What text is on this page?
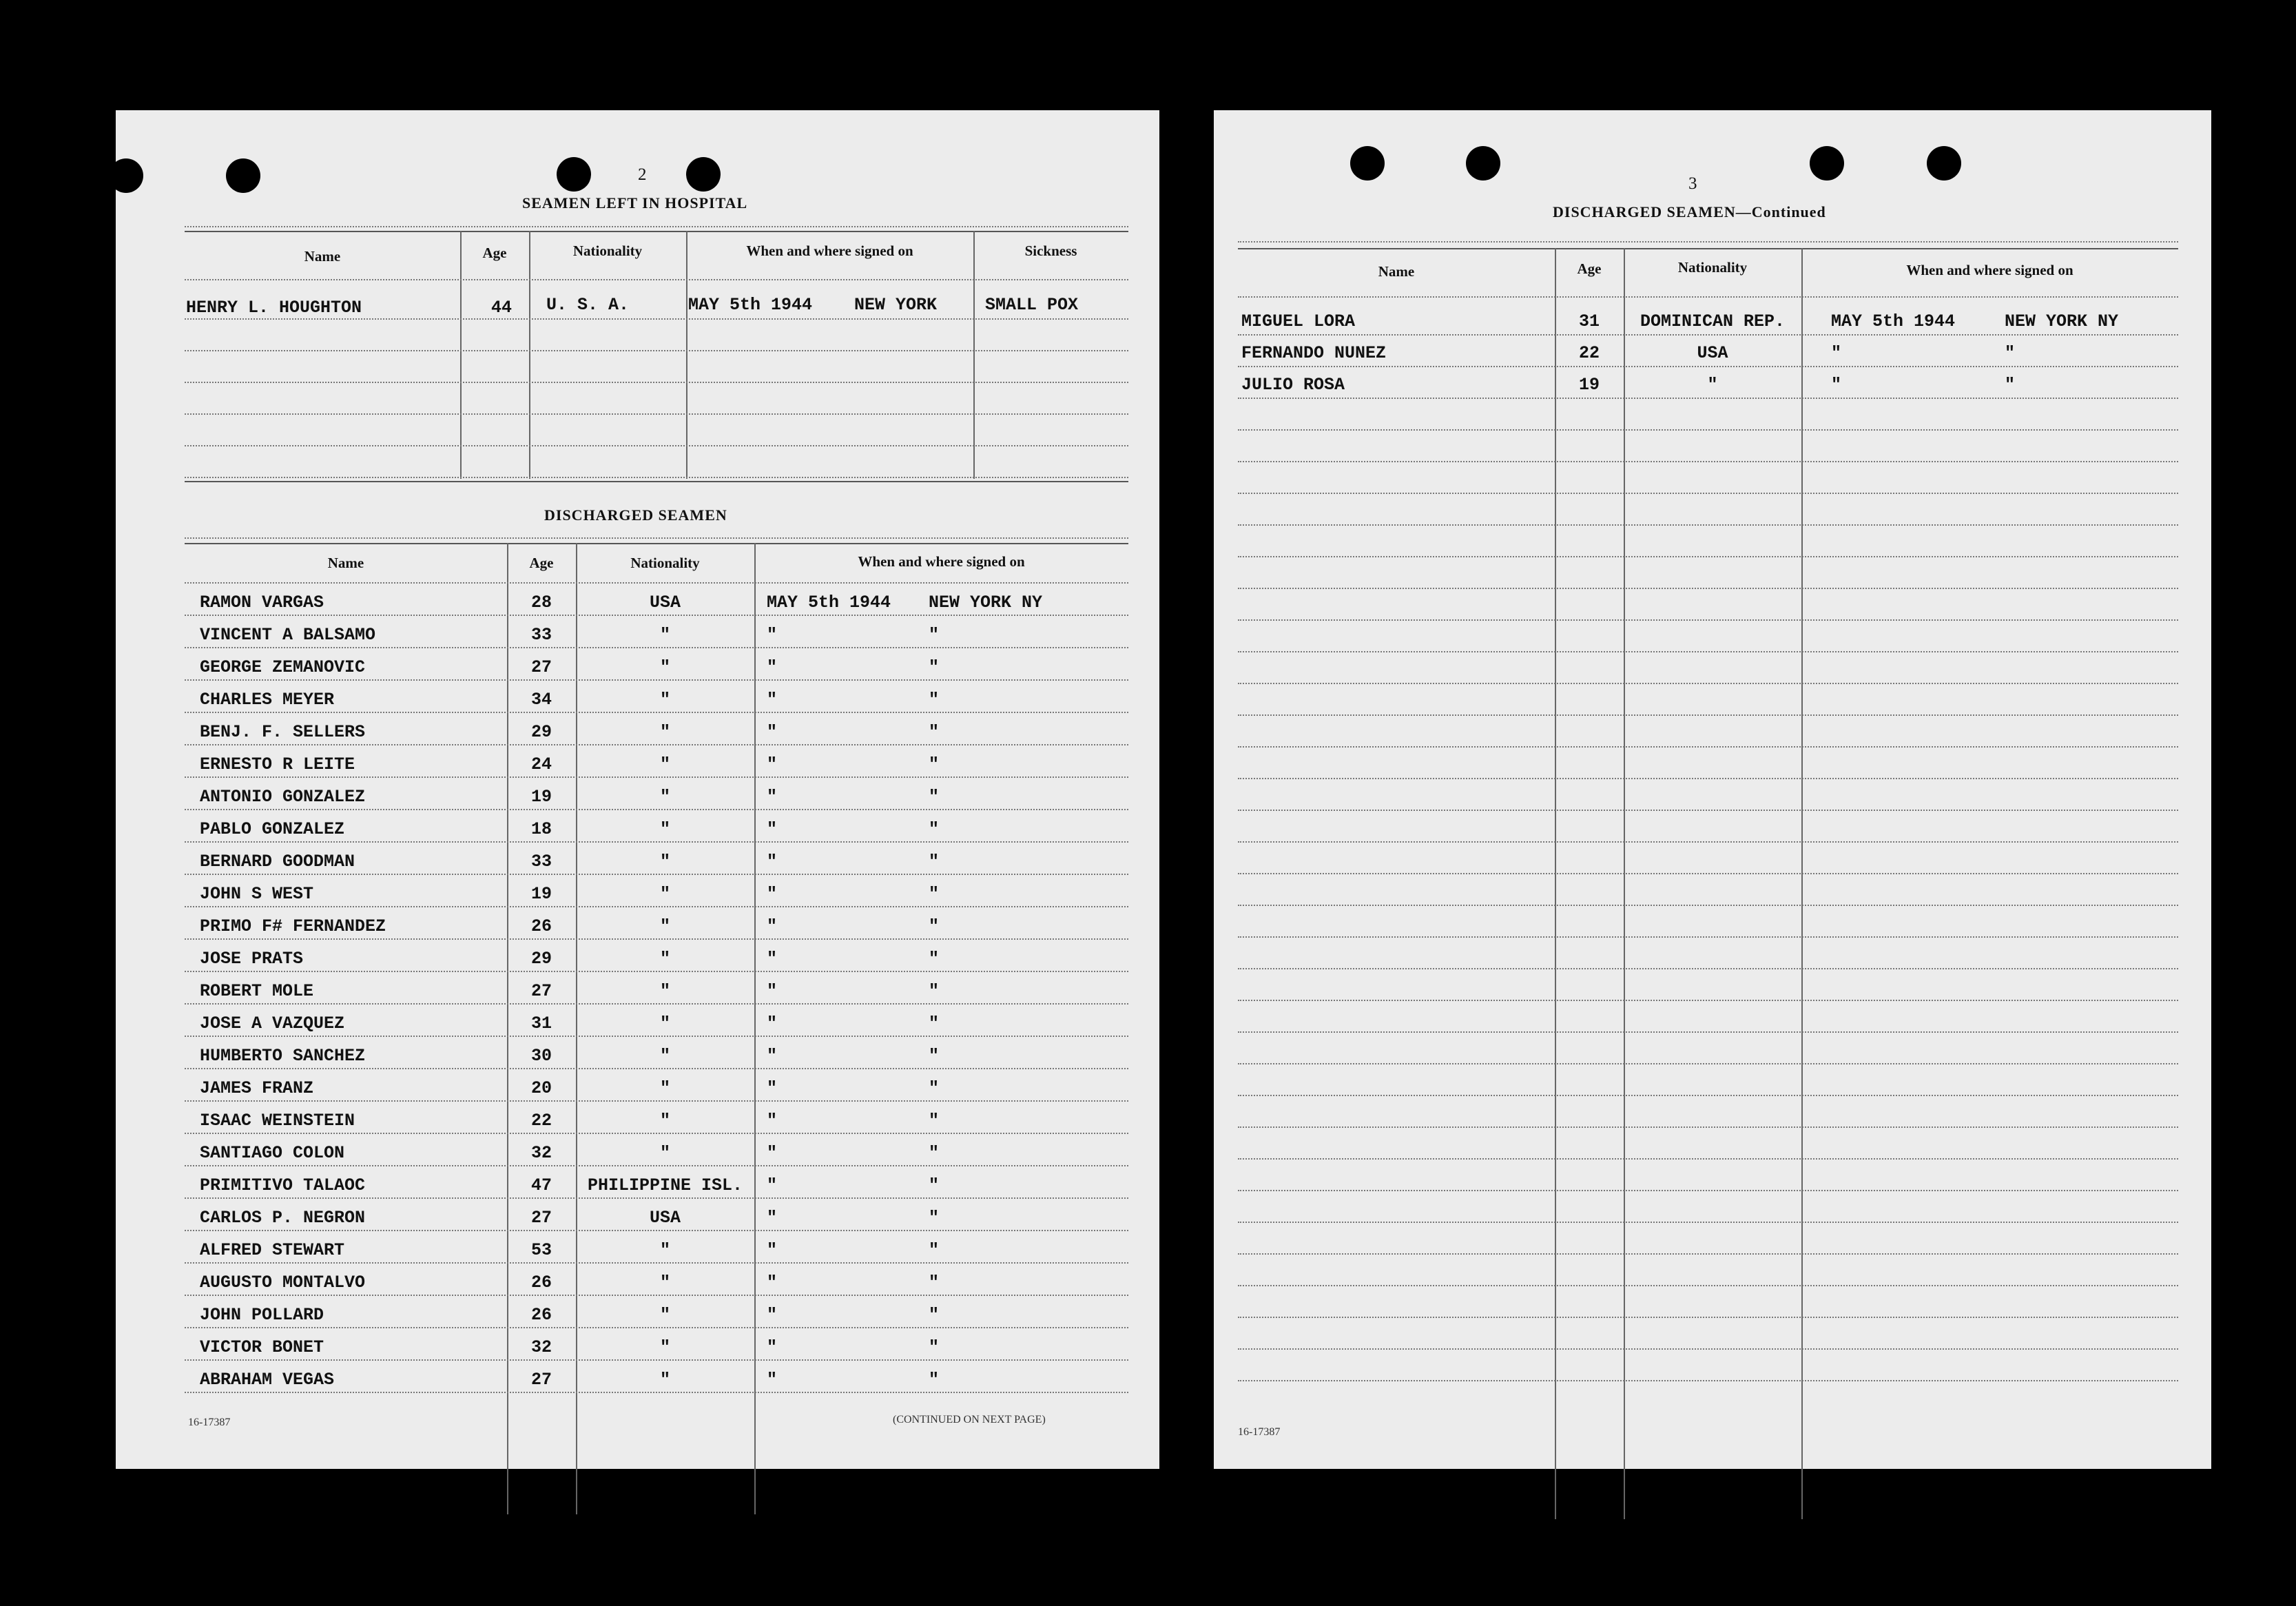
2
SEAMEN LEFT IN HOSPITAL
Name	Age	Nationality	When and where signed on	Sickness
HENRY L. HOUGHTON	44 U. S. A.	MAY 5th 1944 NEW YORK	SMALL POX
DISCHARGED SEAMEN
Name	Age	Nationality	When and where signed on
RAMON VARGAS	28	USA	MAY 5th 1944 NEW YORK NY
VINCENT A BALSAMO	33	"	"	"
GEORGE ZEMANOVIC	27	"	"	"
CHARLES MEYER	34	"	"	"
BENJ. F. SELLERS	29	"	"	"
ERNESTO R LEITE	24	"	"	"
ANTONIO GONZALEZ	19	"	"	"
PABLO GONZALEZ	18	"	"	"
BERNARD GOODMAN	33	"	"	"
JOHN S WEST	19	"	"	"
PRIMO F# FERNANDEZ	26	"	"	"
JOSE PRATS	29	"	"	"
ROBERT MOLE	27	"	"	"
JOSE A VAZQUEZ	31	"	"	"
HUMBERTO SANCHEZ	30	"	"	"
JAMES FRANZ	20	"	"	"
ISAAC WEINSTEIN	22	"	"	"
SANTIAGO COLON	32	"	"	"
PRIMITIVO TALAOC	47	PHILIPPINE ISL.	"	"
CARLOS P. NEGRON	27	USA	"	"
ALFRED STEWART	53	"	"	"
AUGUSTO MONTALVO	26	"	"	"
JOHN POLLARD	26	"	"	"
VICTOR BONET	32	"	"	"
ABRAHAM VEGAS	27	"	"	"
16-17387	(CONTINUED ON NEXT PAGE)
3
DISCHARGED SEAMEN—Continued
Name	Age	Nationality	When and where signed on
MIGUEL LORA	31	DOMINICAN REP.	MAY 5th 1944	NEW YORK NY
FERNANDO NUNEZ	22	USA	"	"
JULIO ROSA	19	"	"	"
16-17387
